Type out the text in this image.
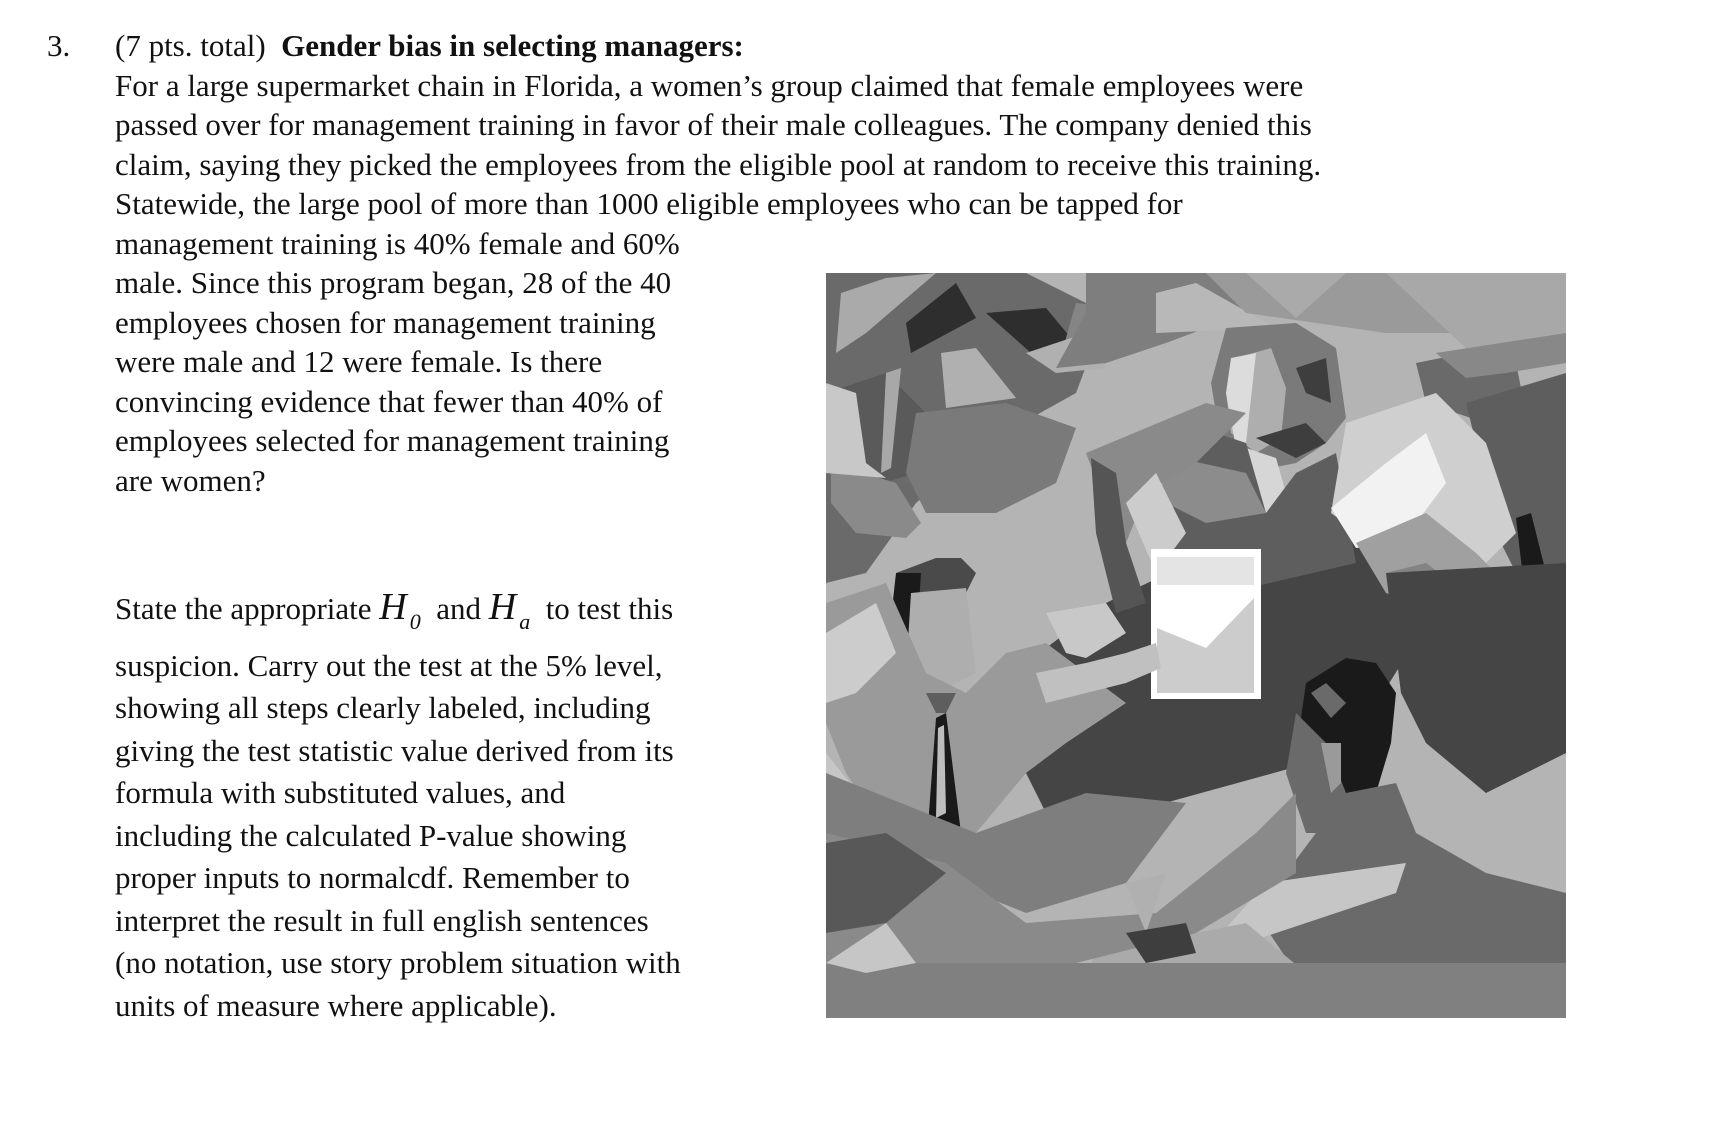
3. (7 pts. total) Gender bias in selecting managers:
For a large supermarket chain in Florida, a women’s group claimed that female employees were
passed over for management training in favor of their male colleagues. The company denied this
claim, saying they picked the employees from the eligible pool at random to receive this training.
Statewide, the large pool of more than 1000 eligible employees who can be tapped for
management training is 40% female and 60%
male. Since this program began, 28 of the 40
employees chosen for management training
were male and 12 were female. Is there
convincing evidence that fewer than 40% of
employees selected for management training
are women?
State the appropriate H $_0$ and H $_a$ to test this
suspicion. Carry out the test at the 5% level,
showing all steps clearly labeled, including
giving the test statistic value derived from its
formula with substituted values, and
including the calculated P-value showing
proper inputs to normalcdf. Remember to
interpret the result in full english sentences
(no notation, use story problem situation with
units of measure where applicable).
